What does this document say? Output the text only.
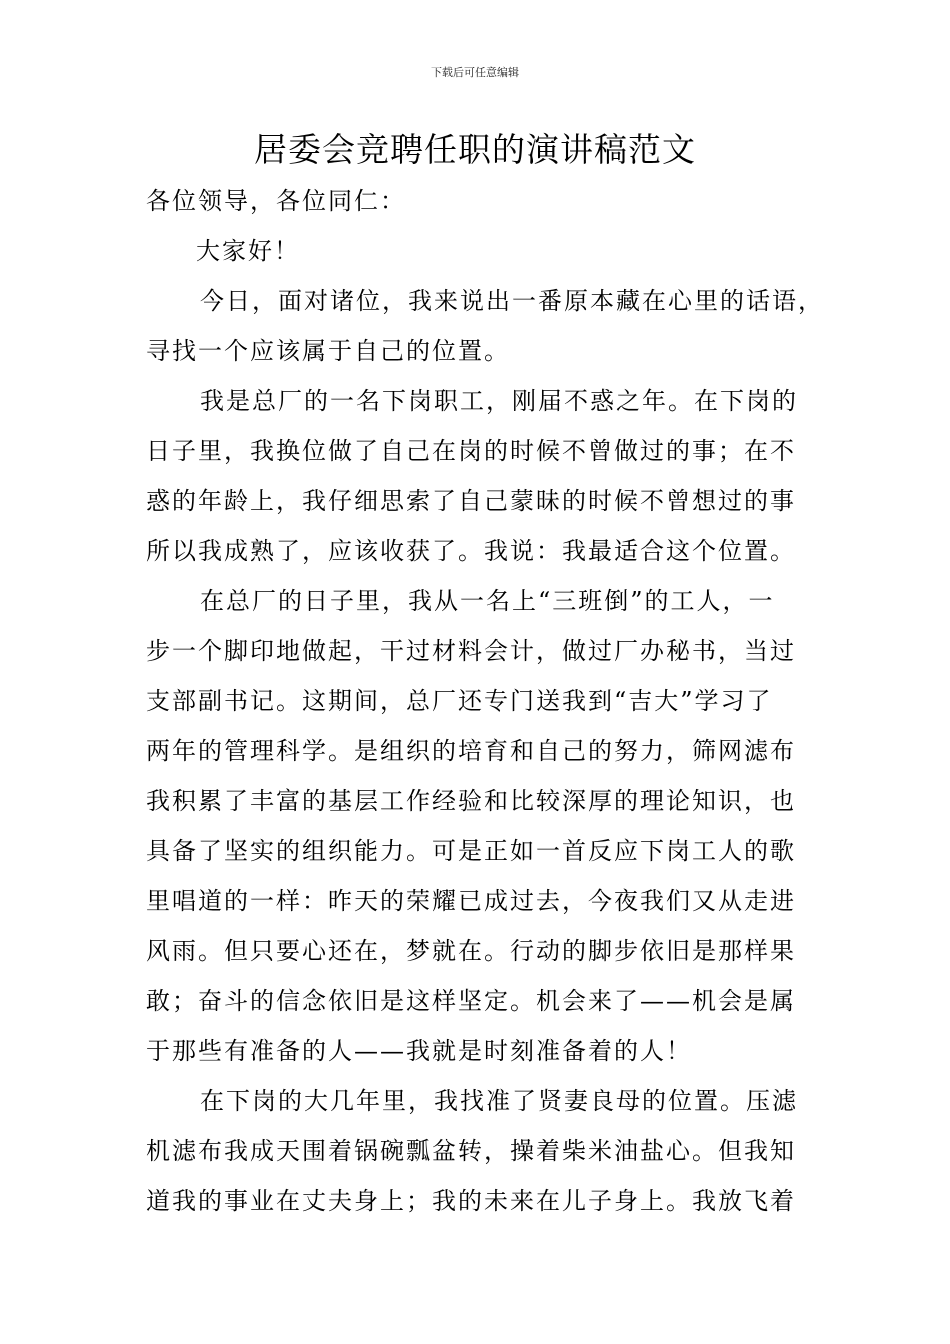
下载后可任意编辑
居委会竞聘任职的演讲稿范文
各位领导，各位同仁：
大家好！
今日，面对诸位，我来说出一番原本藏在心里的话语，
寻找一个应该属于自己的位置。
我是总厂的一名下岗职工，刚届不惑之年。在下岗的
日子里，我换位做了自己在岗的时候不曾做过的事；在不
惑的年龄上，我仔细思索了自己蒙昧的时候不曾想过的事
所以我成熟了，应该收获了。我说：我最适合这个位置。
在总厂的日子里，我从一名上“三班倒”的工人，一
步一个脚印地做起，干过材料会计，做过厂办秘书，当过
支部副书记。这期间，总厂还专门送我到“吉大”学习了
两年的管理科学。是组织的培育和自己的努力，筛网滤布
我积累了丰富的基层工作经验和比较深厚的理论知识，也
具备了坚实的组织能力。可是正如一首反应下岗工人的歌
里唱道的一样：昨天的荣耀已成过去，今夜我们又从走进
风雨。但只要心还在，梦就在。行动的脚步依旧是那样果
敢；奋斗的信念依旧是这样坚定。机会来了——机会是属
于那些有准备的人——我就是时刻准备着的人！
在下岗的大几年里，我找准了贤妻良母的位置。压滤
机滤布我成天围着锅碗瓢盆转，操着柴米油盐心。但我知
道我的事业在丈夫身上；我的未来在儿子身上。我放飞着
